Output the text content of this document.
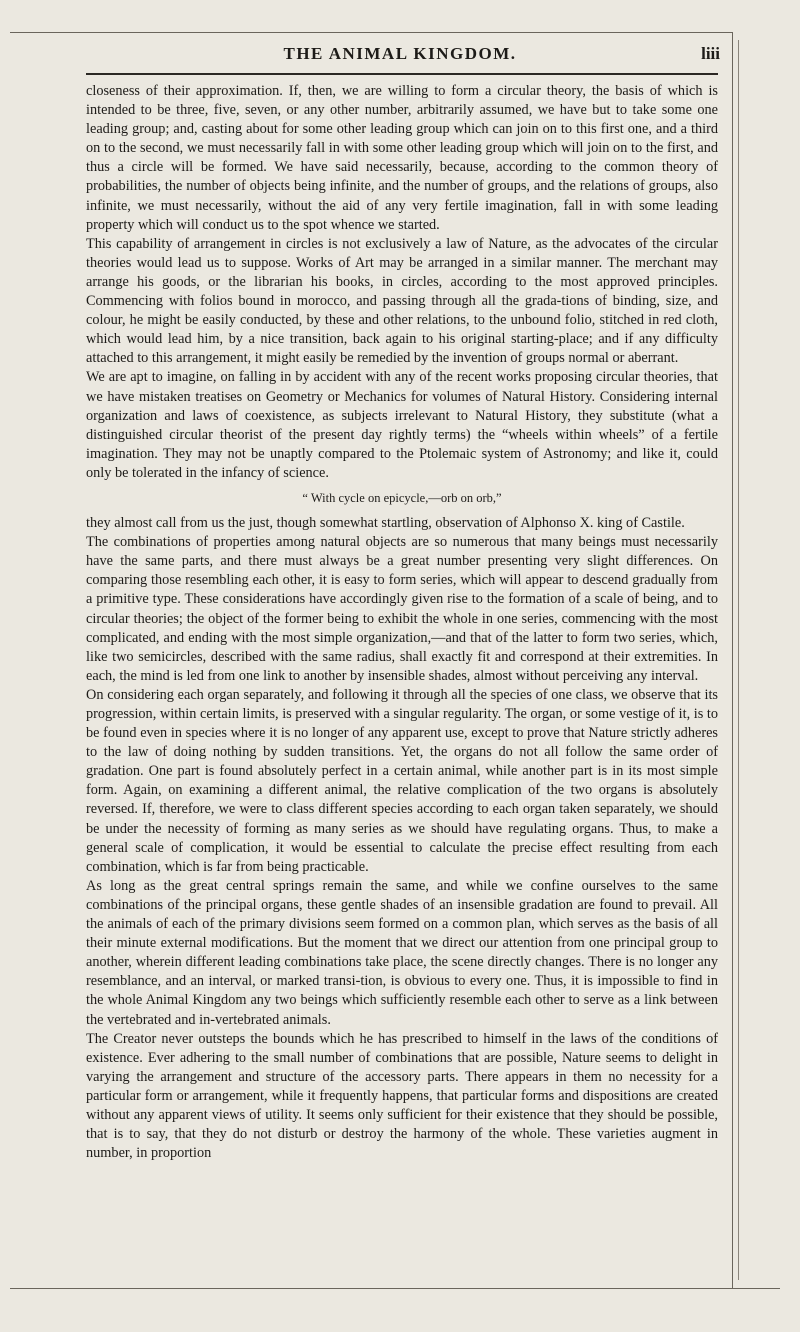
THE ANIMAL KINGDOM.	liii

closeness of their approximation. If, then, we are willing to form a circular theory, the basis of which is intended to be three, five, seven, or any other number, arbitrarily assumed, we have but to take some one leading group; and, casting about for some other leading group which can join on to this first one, and a third on to the second, we must necessarily fall in with some other leading group which will join on to the first, and thus a circle will be formed. We have said necessarily, because, according to the common theory of probabilities, the number of objects being infinite, and the number of groups, and the relations of groups, also infinite, we must necessarily, without the aid of any very fertile imagination, fall in with some leading property which will conduct us to the spot whence we started.

This capability of arrangement in circles is not exclusively a law of Nature, as the advocates of the circular theories would lead us to suppose. Works of Art may be arranged in a similar manner. The merchant may arrange his goods, or the librarian his books, in circles, according to the most approved principles. Commencing with folios bound in morocco, and passing through all the grada-tions of binding, size, and colour, he might be easily conducted, by these and other relations, to the unbound folio, stitched in red cloth, which would lead him, by a nice transition, back again to his original starting-place; and if any difficulty attached to this arrangement, it might easily be remedied by the invention of groups normal or aberrant.

We are apt to imagine, on falling in by accident with any of the recent works proposing circular theories, that we have mistaken treatises on Geometry or Mechanics for volumes of Natural History. Considering internal organization and laws of coexistence, as subjects irrelevant to Natural History, they substitute (what a distinguished circular theorist of the present day rightly terms) the “wheels within wheels” of a fertile imagination. They may not be unaptly compared to the Ptolemaic system of Astronomy; and like it, could only be tolerated in the infancy of science.

“ With cycle on epicycle,—orb on orb,”

they almost call from us the just, though somewhat startling, observation of Alphonso X. king of Castile.

The combinations of properties among natural objects are so numerous that many beings must necessarily have the same parts, and there must always be a great number presenting very slight differences. On comparing those resembling each other, it is easy to form series, which will appear to descend gradually from a primitive type. These considerations have accordingly given rise to the formation of a scale of being, and to circular theories; the object of the former being to exhibit the whole in one series, commencing with the most complicated, and ending with the most simple organization,—and that of the latter to form two series, which, like two semicircles, described with the same radius, shall exactly fit and correspond at their extremities. In each, the mind is led from one link to another by insensible shades, almost without perceiving any interval.

On considering each organ separately, and following it through all the species of one class, we observe that its progression, within certain limits, is preserved with a singular regularity. The organ, or some vestige of it, is to be found even in species where it is no longer of any apparent use, except to prove that Nature strictly adheres to the law of doing nothing by sudden transitions. Yet, the organs do not all follow the same order of gradation. One part is found absolutely perfect in a certain animal, while another part is in its most simple form. Again, on examining a different animal, the relative complication of the two organs is absolutely reversed. If, therefore, we were to class different species according to each organ taken separately, we should be under the necessity of forming as many series as we should have regulating organs. Thus, to make a general scale of complication, it would be essential to calculate the precise effect resulting from each combination, which is far from being practicable.

As long as the great central springs remain the same, and while we confine ourselves to the same combinations of the principal organs, these gentle shades of an insensible gradation are found to prevail. All the animals of each of the primary divisions seem formed on a common plan, which serves as the basis of all their minute external modifications. But the moment that we direct our attention from one principal group to another, wherein different leading combinations take place, the scene directly changes. There is no longer any resemblance, and an interval, or marked transi-tion, is obvious to every one. Thus, it is impossible to find in the whole Animal Kingdom any two beings which sufficiently resemble each other to serve as a link between the vertebrated and in-vertebrated animals.

The Creator never outsteps the bounds which he has prescribed to himself in the laws of the conditions of existence. Ever adhering to the small number of combinations that are possible, Nature seems to delight in varying the arrangement and structure of the accessory parts. There appears in them no necessity for a particular form or arrangement, while it frequently happens, that particular forms and dispositions are created without any apparent views of utility. It seems only sufficient for their existence that they should be possible, that is to say, that they do not disturb or destroy the harmony of the whole. These varieties augment in number, in proportion
